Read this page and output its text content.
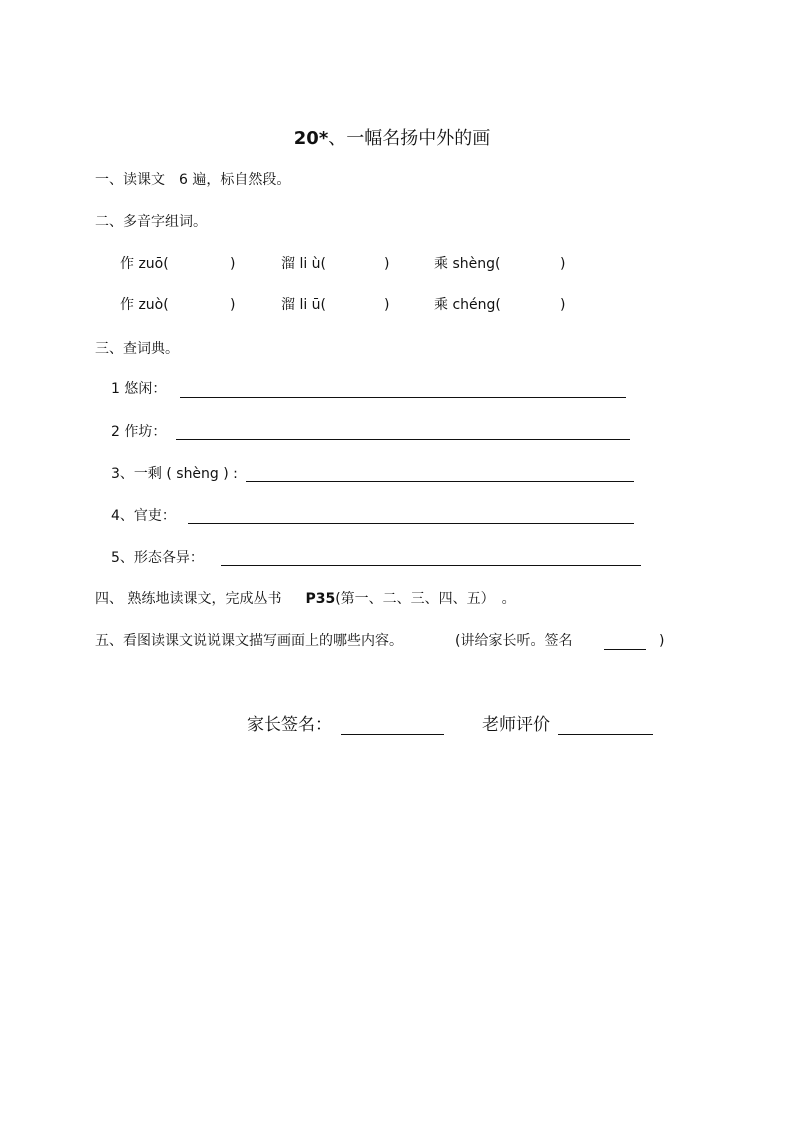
20*、一幅名扬中外的画
一、读课文　6 遍，标自然段。
二、多音字组词。
作 zuō(	)	溜 li ù(	)	乘 shèng(	)
作 zuò(	)	溜 li ū(	)	乘 chéng(	)
三、查词典。
1 悠闲：
2 作坊：
3、一剩 ( shèng ) :
4、官吏：
5、形态各异：
四、 熟练地读课文，完成丛书 P35(第一、二、三、四、五）　。
五、看图读课文说说课文描写画面上的哪些内容。	(讲给家长听。签名	)
家长签名：	老师评价
